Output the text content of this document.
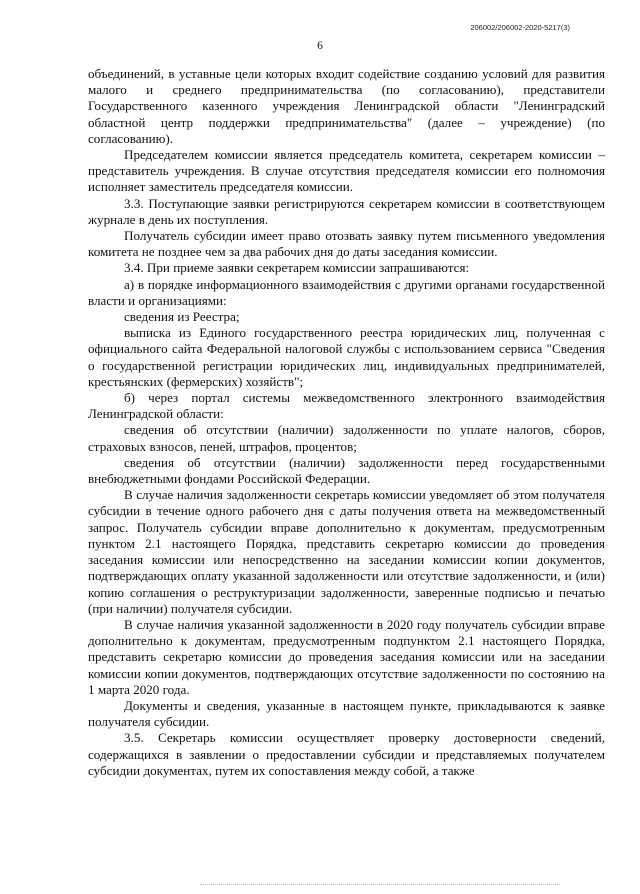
206002/206002-2020-5217(3)
6

объединений, в уставные цели которых входит содействие созданию условий для развития малого и среднего предпринимательства (по согласованию), представители Государственного казенного учреждения Ленинградской области "Ленинградский областной центр поддержки предпринимательства" (далее – учреждение) (по согласованию).

Председателем комиссии является председатель комитета, секретарем комиссии – представитель учреждения. В случае отсутствия председателя комиссии его полномочия исполняет заместитель председателя комиссии.

3.3. Поступающие заявки регистрируются секретарем комиссии в соответствующем журнале в день их поступления.

Получатель субсидии имеет право отозвать заявку путем письменного уведомления комитета не позднее чем за два рабочих дня до даты заседания комиссии.

3.4. При приеме заявки секретарем комиссии запрашиваются:

а) в порядке информационного взаимодействия с другими органами государственной власти и организациями:

сведения из Реестра;

выписка из Единого государственного реестра юридических лиц, полученная с официального сайта Федеральной налоговой службы с использованием сервиса "Сведения о государственной регистрации юридических лиц, индивидуальных предпринимателей, крестьянских (фермерских) хозяйств";

б) через портал системы межведомственного электронного взаимодействия Ленинградской области:

сведения об отсутствии (наличии) задолженности по уплате налогов, сборов, страховых взносов, пеней, штрафов, процентов;

сведения об отсутствии (наличии) задолженности перед государственными внебюджетными фондами Российской Федерации.

В случае наличия задолженности секретарь комиссии уведомляет об этом получателя субсидии в течение одного рабочего дня с даты получения ответа на межведомственный запрос. Получатель субсидии вправе дополнительно к документам, предусмотренным пунктом 2.1 настоящего Порядка, представить секретарю комиссии до проведения заседания комиссии или непосредственно на заседании комиссии копии документов, подтверждающих оплату указанной задолженности или отсутствие задолженности, и (или) копию соглашения о реструктуризации задолженности, заверенные подписью и печатью (при наличии) получателя субсидии.

В случае наличия указанной задолженности в 2020 году получатель субсидии вправе дополнительно к документам, предусмотренным подпунктом 2.1 настоящего Порядка, представить секретарю комиссии до проведения заседания комиссии или на заседании комиссии копии документов, подтверждающих отсутствие задолженности по состоянию на 1 марта 2020 года.

Документы и сведения, указанные в настоящем пункте, прикладываются к заявке получателя субсидии.

3.5. Секретарь комиссии осуществляет проверку достоверности сведений, содержащихся в заявлении о предоставлении субсидии и представляемых получателем субсидии документах, путем их сопоставления между собой, а также
